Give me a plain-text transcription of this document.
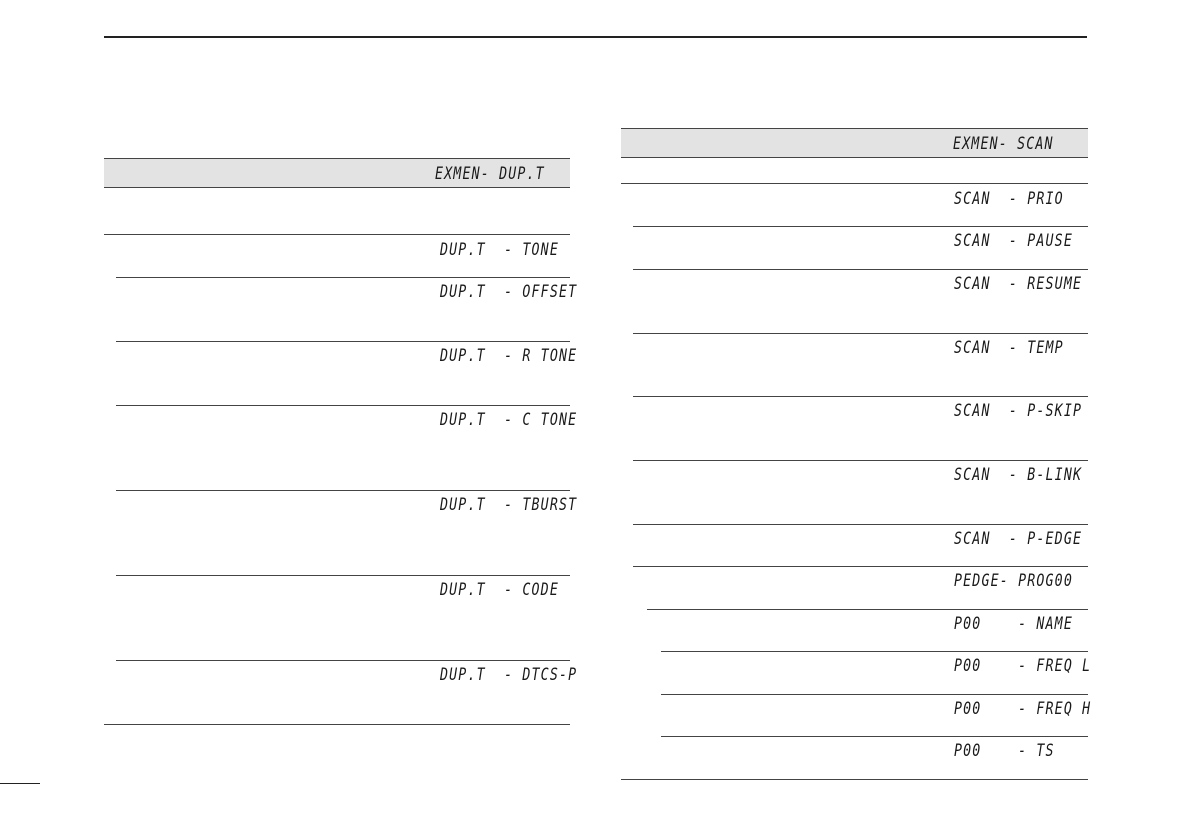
EXMEN- DUP.T
DUP.T  - TONE
DUP.T  - OFFSET
DUP.T  - R TONE
DUP.T  - C TONE
DUP.T  - TBURST
DUP.T  - CODE
DUP.T  - DTCS-P
EXMEN- SCAN
SCAN  - PRIO
SCAN  - PAUSE
SCAN  - RESUME
SCAN  - TEMP
SCAN  - P-SKIP
SCAN  - B-LINK
SCAN  - P-EDGE
PEDGE- PROG00
P00    - NAME
P00    - FREQ L
P00    - FREQ H
P00    - TS
